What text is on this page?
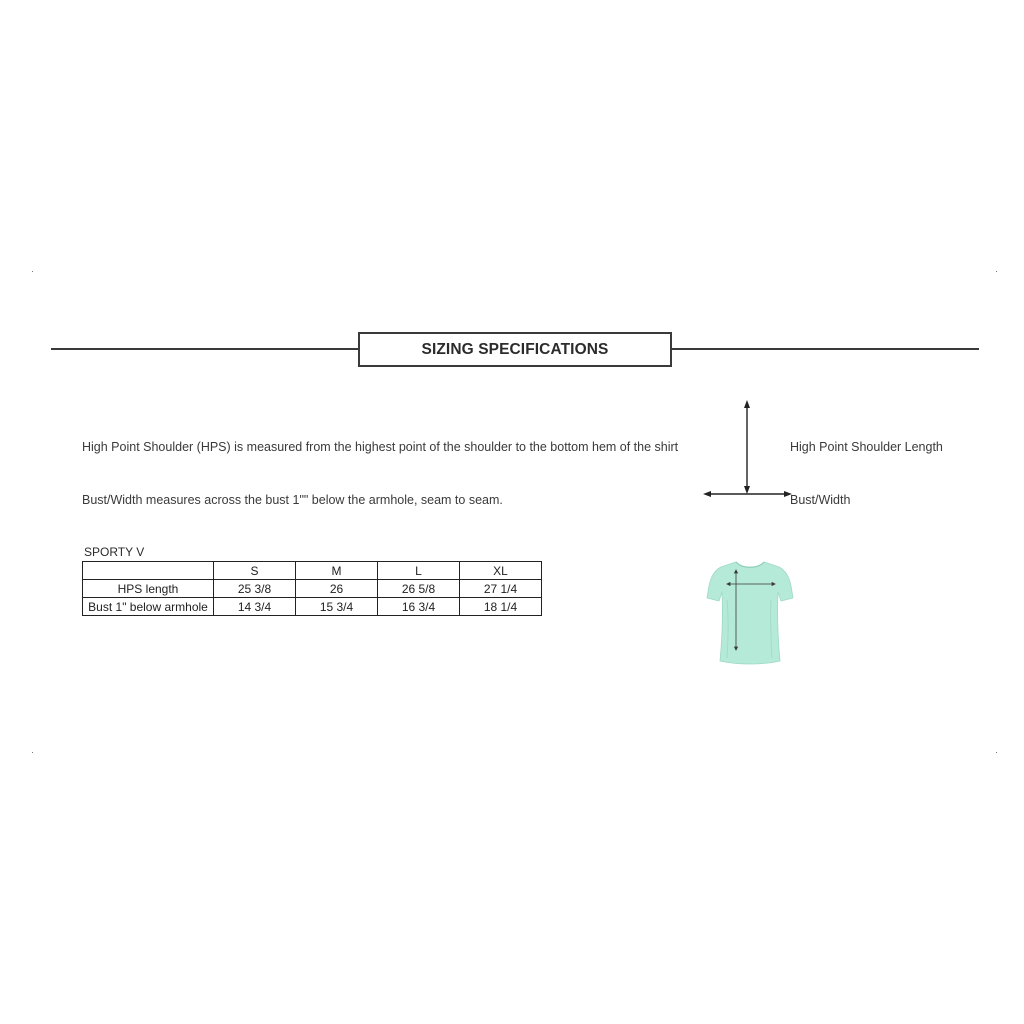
SIZING SPECIFICATIONS
High Point Shoulder (HPS) is measured from the highest point of the shoulder to the bottom hem of the shirt
Bust/Width measures across the bust 1"" below the armhole, seam to seam.
High Point Shoulder Length
Bust/Width
SPORTY V
	S	M	L	XL
HPS length	25 3/8	26	26 5/8	27 1/4
Bust 1" below armhole	14 3/4	15 3/4	16 3/4	18 1/4
